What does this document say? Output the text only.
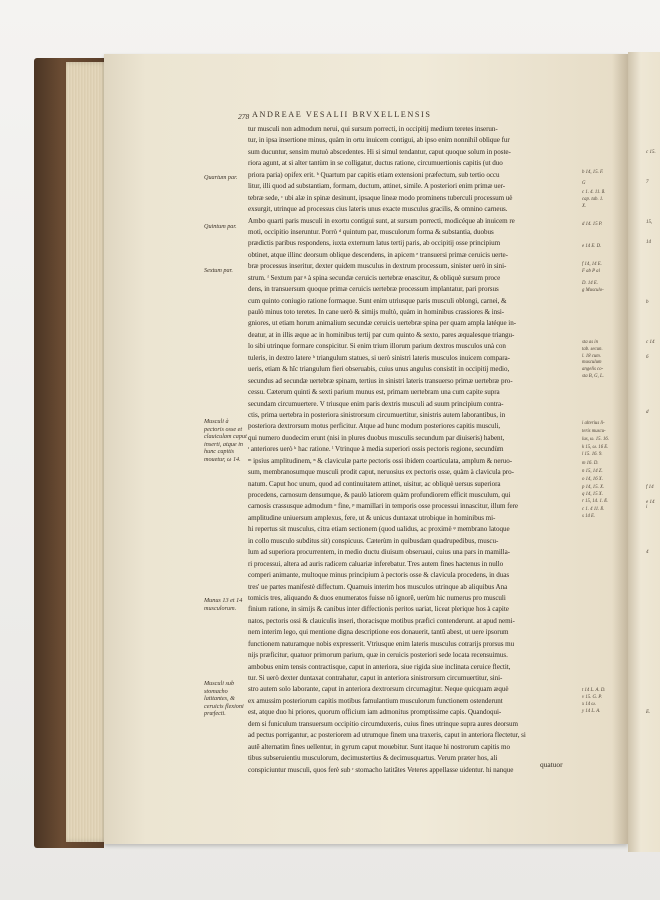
c 15.
7
15,
14
b
c 14
6
d
f 14
e 14
i
4
E.
278 ANDREAE VESALII BRVXELLENSIS
tur musculi non admodum nerui, qui sursum porrecti, in occipitij medium teretes inserun-
tur, in ipsa insertione minus, quàm in ortu inuicem contigui, ab ipso enim nonnihil oblique fur
sum ducuntur, sensim mutuò abscedentes. Hi si simul tendantur, caput quoque solum in poste-
riora agunt, at si alter tantùm in se colligatur, ductus ratione, circumuertionis capitis (ut duo
priora paria) opifex erit. ᵇ Quartum par capitis etiam extensioni præfectum, sub tertio occu
litur, illi quod ad substantiam, formam, ductum, attinet, simile. A posteriori enim primæ uer-
tebræ sede, ᶜ ubi alæ in spinæ desinunt, ipsaque lineæ modo prominens tuberculi processum uè
exsurgit, utrinque ad processus cius lateris unus exacte musculus gracilis, & omnino carneus.
Ambo quarti paris musculi in exortu contigui sunt, at sursum porrecti, modicéque ab inuicem re
moti, occipitio inseruntur. Porrò ᵈ quintum par, musculorum forma & substantia, duobus
prædictis paribus respondens, iuxta externum latus tertij paris, ab occipitij osse principium
obtinet, atque illinc deorsum oblique descendens, in apicem ᵉ transuersi primæ ceruicis uerte-
bræ processus inseritur, dexter quidem musculus in dextrum processum, sinister uerò in sini-
strum. ᶠ Sextum par ᵍ à spina secundæ ceruicis uertebræ enascitur, & obliquè sursum proce
dens, in transuersum quoque primæ ceruicis uertebræ processum implantatur, pari prorsus
cum quinto coniugio ratione formaque. Sunt enim utriusque paris musculi oblongi, carnei, &
paulò minus toto teretes. In cane uerò & simijs multò, quàm in hominibus crassiores & insi-
gniores, ut etiam horum animalium secundæ ceruicis uertebræ spina per quam ampla latéque in-
deatur, at in illis æque ac in hominibus tertij par cum quinto & sexto, pares æqualesque triangu-
lo sibi utrinque formare conspicitur. Si enim trium illorum parium dextros musculos unà con
tuleris, in dextro latere ʰ triangulum statues, si uerò sinistri lateris musculos inuicem compara-
ueris, etiam & hîc triangulum fieri obseruabis, cuius unus angulus consistit in occipitij medio,
secundus ad secundæ uertebræ spinam, tertius in sinistri lateris transuerso primæ uertebræ pro-
cessu. Cæterum quinti & sexti parium munus est, primam uertebram una cum capite supra
secundam circumuertere. V triusque enim paris dextris musculi ad suum principium contra-
ctis, prima uertebra in posteriora sinistrorsum circumuertitur, sinistris autem laborantibus, in
posteriora dextrorsum motus perficitur. Atque ad hunc modum posteriores capitis musculi,
qui numero duodecim erunt (nisi in plures duobus musculis secundum par diuiseris) habent,
ᶦ anteriores uerò ᵏ hac ratione. ˡ Vtrinque à media superiori ossis pectoris regione, secundùm
ᵐ ipsius amplitudinem, ⁿ & claviculæ parte pectoris ossi ibidem coarticulata, amplum & neruo-
sum, membranosumque musculi prodit caput, neruosius ex pectoris osse, quàm à clavicula pro-
natum. Caput hoc unum, quod ad continuitatem attinet, uisitur, ac obliquè uersus superiora
procedens, carnosum densumque, & paulò latiorem quàm profundiorem efficit musculum, qui
carnosis crassusque admodum ᵒ fine, ᵖ mamillari in temporis osse processui innascitur, illum fere
amplitudine uniuersum amplexus, fere, ut & unicus duntaxat utrobique in hominibus mi-
hi repertus sit musculus, citra etiam sectionem (quod ualidus, ac proximè ᵠ membrano latoque
in collo musculo subditus sit) conspicuus. Cæterùm in quibusdam quadrupedibus, muscu-
lum ad superiora procurrentem, in medio ductu diuisum obseruaui, cuius una pars in mamilla-
ri processui, altera ad auris radicem caluariæ inferebatur. Tres autem fines hactenus in nullo
comperi animante, multoque minus principium à pectoris osse & clavicula procedens, in duas
tres' ue partes manifestè diffectum. Quamuis interim hos musculos utrinque ab aliquibus Ana
tomicis tres, aliquando & duos enumeratos fuisse nō ignorē, uerùm hic numerus pro musculi
finium ratione, in simijs & canibus inter diffectionis peritos uariat, liceat plerique hos à capite
natos, pectoris ossi & clauiculis inseri, thoracisque motibus præfici contenderunt. at apud nemi-
nem interim lego, qui mentione digna descriptione eos donauerit, tantū abest, ut uere ipsorum
functionem naturamque nobis expresserit. Vtriusque enim lateris musculus cotrarijs prorsus mu
nijs præficitur, quatuor primorum parium, quæ in ceruicis posteriori sede locata recensuimus.
ambobus enim tensis contractisque, caput in anteriora, siue rigida siue inclinata ceruice flectit,
tur. Si uerò dexter duntaxat contrahatur, caput in anteriora sinistrorsum circumuertitur, sini-
stro autem solo laborante, caput in anteriora dextrorsum circumagitur. Neque quicquam æquè
ex amussim posteriorum capitis motibus famulantium musculorum functionem ostenderunt
est, atque duo hi priores, quorum officium iam admonitus promptissime capis. Quandoqui-
dem si funiculum transuersum occipitio circumduxeris, cuius fines utrinque supra aures deorsum
ad pectus porrigantur, ac posteriorem ad utrumque finem una traxeris, caput in anteriora flectetur, si
autē alternatim fines uellentur, in gyrum caput mouebitur. Sunt itaque hi nostrorum capitis mo
tibus subseruientiu musculorum, decimustertius & decimusquartus. Verum præter hos, ali
conspiciuntur musculi, quos ferè sub ʳ stomacho latitātes Veteres appellasse uidentur. hi nanque
Quartum par.
Quintum par.
Sextum par.
Musculi à pectoris osse et clauiculam caput inserti, atque in hunc capitis mouetur, ω 14.
Munus 13 et 14 musculorum.
Musculi sub stomacho latitantes, & ceruicis flexioni præfecti.
b 14, 15. F.
G
c 1. 4. 11. ß.
cap. tab. 1.
X.
d 14. 15 P.
e 14 E. D.
f 14, 14 E.
F ab P al
D. 14 E.
g Musculo-
sta as in
tab. secun.
l. 18 cum.
musculum
angelis co-
sta B, G, L.
i alterius li-
teris muscu-
lus, ω. 15. 16.
k 15, ω. 16 E.
l 15. 16. 9.
m 16. D.
n 15, 14 Z.
o 14, 16 X.
p 14, 15. X.
q 14, 15 X.
r 15, 14. 1. ß.
c 1. 4 11. ß.
s 14 E.
t 14 L. A. D.
v 15. G. P.
x 14 ω.
y 14 L. A.
quatuor
